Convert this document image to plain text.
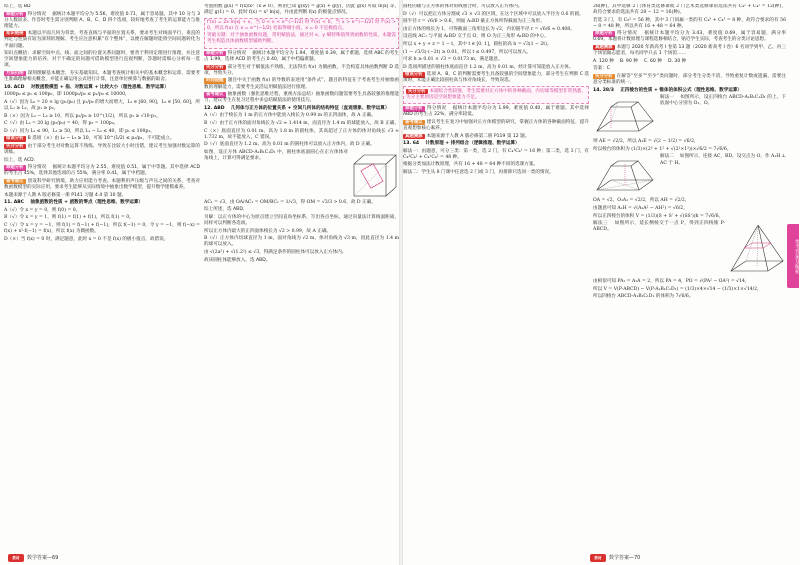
综上，选 BD
命题分析 得分情况 　据统计本题平均分为 5.56，难度值 0.71，属于容易题。其中 10 分与 3 分人数较多。作答时考生需分别判断 A、B、C、D 四个选项，较好地考查了考生的运算能力与推理能力。
知识链接 本题以平面几何为背景，考查直线与平面的位置关系，要求考生对线面平行、垂直的判定与性质有较为深刻的理解。考生应注意积累“有个整体”，以便在解题时能将空间问题转化为平面问题。
知识点概括：求解空间中点、线、面之间的位置关系问题时，要善于利用定理进行推理，并注意空间想象能力的培养，对于不确定的问题可借助模型进行直观判断，答题时需细心分析每一选项。
方法归纳 深刻理解基本概念，夯实基础知识。本题考查统计相关中的基本概念和运算，需要考生准确理解相关概念，并能正确运用公式进行计算，注意单位换算与数据的取舍。
10. ACD 　对数函数模型 + 指、对数运算 + 比较大小（理性思维、数学运算）
1000p₀ ≤ p₁ ≤ 100p₀，即 1000p₀/p₀ ≤ p₁/p₀ ≤ 10000，
A（√）因为 L₀ = 20 × lg (p₁/p₀) 且 p₁/p₀ 的增大而增大，L₁ ∈ [60, 90]，L₂ ∈ [50, 60]，所以 L₁ ≥ L₂，故 p₁ ≥ p₂。
B（×）因为 L₂ − L₃ ≥ 10，所以 p₂/p₃ ≥ 10^(1/2)，所以 p₂ ≥ √10·p₃。
C（√）由 L₃ = 20 lg (p₃/p₀) = 40，得 p₃ = 100p₀。
D（√）因为 L₁ ≤ 90，L₂ ≥ 50，所以 L₁ − L₂ ≤ 40，即 p₁ ≤ 100p₂。
错误分析 B 选项（×）由 L₂ − L₃ ≥ 10，可知 10^(1/2) ≤ p₂/p₃，不可能成立。
失分分析 由于部分考生对对数运算不熟练，导致在比较大小时出错，建议考生加强对数运算的训练。
综上，选 ACD.
命题分析 得分情况 　据统计本题平均分为 2.55，难度值 0.51，属于中等题。其中选择 ACD 的考生占 45%，选择其他选项的占 55%，满分率 0.41，属于中档题。
备考建议 创设科学研究情境，助力应用能力考查。本题利用声压级与声压之间的关系，考查对数函数模型的实际应用，要求考生能够从实际情境中抽象出数学模型，提升数学建模素养。
本题来源于人教 A 版必修第一册 P141 习题 4.4 第 10 题。
11. ABC 　抽象函数的性质 + 函数的零点（理性思维、数学运算）
A（√）令 x = y = 0，则 f(0) = 0。
B（√）令 x = y = 1，则 f(1) = f(1) + f(1)，所以 f(1) = 0。
C（√）令 x = y = −1，则 f(1) = f(−1) + f(−1)，所以 f(−1) = 0，令 y = −1，则 f(−x) = f(x) + x²·f(−1) = f(x)，所以 f(x) 为偶函数。
D（×）当 f(x) = 0 时，满足题意，此时 x = 0 不是 f(x) 的极小值点，故错误。
考虑函数 g(x) = f(x)/x²（x ≠ 0），则由已知 g(xy) = g(x) + g(y)，因此 g(x) 可取 ln|x| 等，满足 g(1) = 0，此时 f(x) = x² ln|x|，并由此判断 f(x) 的极值点情况。
f'(x) = 2x ln|x| + x，当 0 < x < e^(−1/2) 时 f'(x) < 0，当 x > e^(−1/2) 时 f'(x) > 0，所以 f(x) 在 x = e^(−1/2) 处取得极小值，x = 0 不是极值点。
突破关键：对于抽象函数问题，常用赋值法，通过对 x、y 赋特殊值得到函数的性质，本题需考生构造具体函数模型辅助判断。
命题分析 得分情况 　据统计本题平均分为 1.94，难度值 0.39，属于难题，选择 ABC 的考生占 1.99，选择 ACD 的考生占 0.40，属于中档偏难题。
失分分析 部分考生对于赋值法不熟练，无法得出 f(x) 为偶函数，不会构造具体函数判断 D 选项，导致失分。
时间提醒 题目中关于函数 f(x) 的导数的表述用“条件式”，题目的特征在于考查考生对抽象函数的理解能力，需要考生灵活运用赋值法进行推理。
备考建议 抽象函数（强化思维过程，重视方法总结）抽象函数问题需要考生具备较强的推理能力，建议考生在复习过程中多总结赋值法的使用技巧。
12. ABD 　几何体与正方体的位置关系 + 空间几何体的结构特征（直观想象、数学运算）
A（√）由于棱长为 1 m 的正方体中能放入棱长为 0.99 m 的正四面体，故 A 正确。
B（√）由于正方体的面对角线长为 √2 ≈ 1.414 m，而直径为 1.4 m 的球能放入，故 B 正确。
C（×）底面直径为 0.01 m、高为 1.8 m 的圆柱体，其高超过了正方体的体对角线长 √3 ≈ 1.732 m，故不能放入，C 错误。
D（√）底面直径为 1.2 m、高为 0.01 m 的圆柱体可以放入正方体内，故 D 正确。
如图，设正方体 ABCD-A₁B₁C₁D₁ 中，圆柱体底面圆心在正方体体对角线上，计算可得满足要求。
AC₁ = √3，由 OA/AC₁ = OM/BC₁ = 1/√3，得 OM = √3/3 > 0.6，故 D 正确。
综上所述，选 ABD.
另解：以正方体的中心为原点建立空间直角坐标系，写出各点坐标，通过向量法计算线面距离，同样可以判断各选项。
所以正方体内最大的正四面体棱长为 √2 > 0.99，故 A 正确。
B（√）正方体内切球直径为 1 m，面对角线为 √2 m，体对角线为 √3 m，因此直径为 1.4 m 的球可以放入。
由 √(2a²) + √(1.2²) ≤ √3，得满足条件的圆柱体可以放入正方体内。
故该圆柱体能够放入，选 ABD。
圆柱的轴与正方体的体对角线重合时，可以放入正方体内。
D（√）可以把正方体分割成 √3 × √3 的区域，在这个区域中可以放入半径为 0.6 的圆。
圆半径 r = √6/6 > 0.6，则面 A₁BD 截正方体所得截面为正三角形。
由正方体的棱长为 1，可得截面三角形边长为 √2，内切圆半径 r = √6/6 ≈ 0.408。
设直线 AC₁ 与平面 A₁BD 交于点 O，则 O 为正三角形 A₁BD 的中心。
所以 x + y + z = 1 − t，其中 t ∈ [0, 1]，圆柱的高 h = √3(1 − 2t)。
(1 − √3/3)·(−2t) ≥ 0.01，所以 t ≤ 0.497，所以可以放入。
可求 h ≥ 0.01 × √3 = 0.0173 m，满足题意。
D 选项所描述的圆柱体底面直径 1.2 m，高为 0.01 m，经计算可知能放入正方体。
错误分析 选项 A、B、C 的判断需要考生具备较强的空间想象能力，部分考生在判断 C 选项时，未能正确比较圆柱高与体对角线长，导致误选。
失分分析 本题综合性较强，考生需要对正方体中的各种截面、内切球等模型非常熟悉，失分主要原因是空间想象能力不足。
命题分析 得分情况 　据统计本题平均分为 1.99，难度值 0.40，属于难题。其中选择 ABD 的考生占 22%，满分率较低。
备考建议 建议考生在复习中加强对正方体模型的研究，掌握正方体的各种截面特征，提升直观想象核心素养。
真题溯源 本题来源于人教 A 版必修第二册 P119 第 12 题。
13. 64 　计数原理 + 排列组合（逻辑推理、数学运算）
解法一：由题意，可分三类：第一类，选 2 门，有 C₄¹C₄¹ = 16 种；第二类，选 3 门，有 C₄²C₄¹ + C₄¹C₄² = 48 种。
根据分类加法计数原理，共有 16 + 48 = 64 种不同的选课方案。
解法二：学生从 8 门课中任意选 2 门或 3 门，再排除只选同一类的情况。
28(种)，其中选修 2 门体育类选修课或 2 门艺术类选修课的选法共有 C₄² + C₄² = 12(种)，故符合要求的选法共有 28 − 12 = 16(种)。
若选 3 门，有 C₈³ = 56 种，其中 3 门同属一类的有 C₄³ + C₄³ = 8 种，故符合要求的有 56 − 8 = 48 种，所以共有 16 + 48 = 64 种。
命题分析 得分情况 　据统计本题平均分为 3.43，难度值 0.69，属于容易题，满分率 0.69。本题将计数原理与课程选修相结合，贴近学生实际，考查考生的分类讨论思想。
真题溯源 本题与 2020 年新高考 I 卷第 13 题（2020 新高考 I 卷）6 名同学到甲、乙、丙三个场馆做志愿者，每名同学只去 1 个场馆……
A. 120 种 　B. 90 种 　C. 60 种 　D. 30 种
答案：C
失分分析 在解答“至多”“至少”类问题时，部分考生分类不清，导致重复计数或遗漏，需要注意分类标准的统一。
14. 28/3 　正四棱台的性质 + 锥体的体积公式（理性思维、数学运算）
解法一 　如图所示，设正四棱台 ABCD-A₁B₁C₁D₁ 的上、下底面中心分别为 O₁、O。
则 AE = √2/2，所以 A₁E = √(2 − 1/2) = √6/2，
所以棱台的体积为 (1/3)×(2² + 1² + √(2²×1²))×√6/2 = 7√6/6。
解法二 　如图所示，连接 AC，BD，设交点为 O，作 A₁H ⊥ AC 于 H。
OA = √2，O₁A₁ = √2/2，所以 AH = √2/2，
由题意可知 A₁H = √(A₁A² − AH²) = √6/2，
所以正四棱台的体积 V = (1/3)(S + S' + √(SS'))h = 7√6/6。
解法三 　如图所示，延长侧棱交于一点 P，得到正四棱锥 P-ABCD。
由相似可知 PA₁ = A₁A = 2，所以 PA = 4，PO = √(PA² − OA²) = √14，
所以 V = V(P-ABCD) − V(P-A₁B₁C₁D₁) = (1/3)×4×√14 − (1/3)×1×√14/2，
所以四棱台 ABCD-A₁B₁C₁D₁ 的体积为 7√6/6。
参考答案及解析
教材	数学答案—69	教材	数学答案—70
